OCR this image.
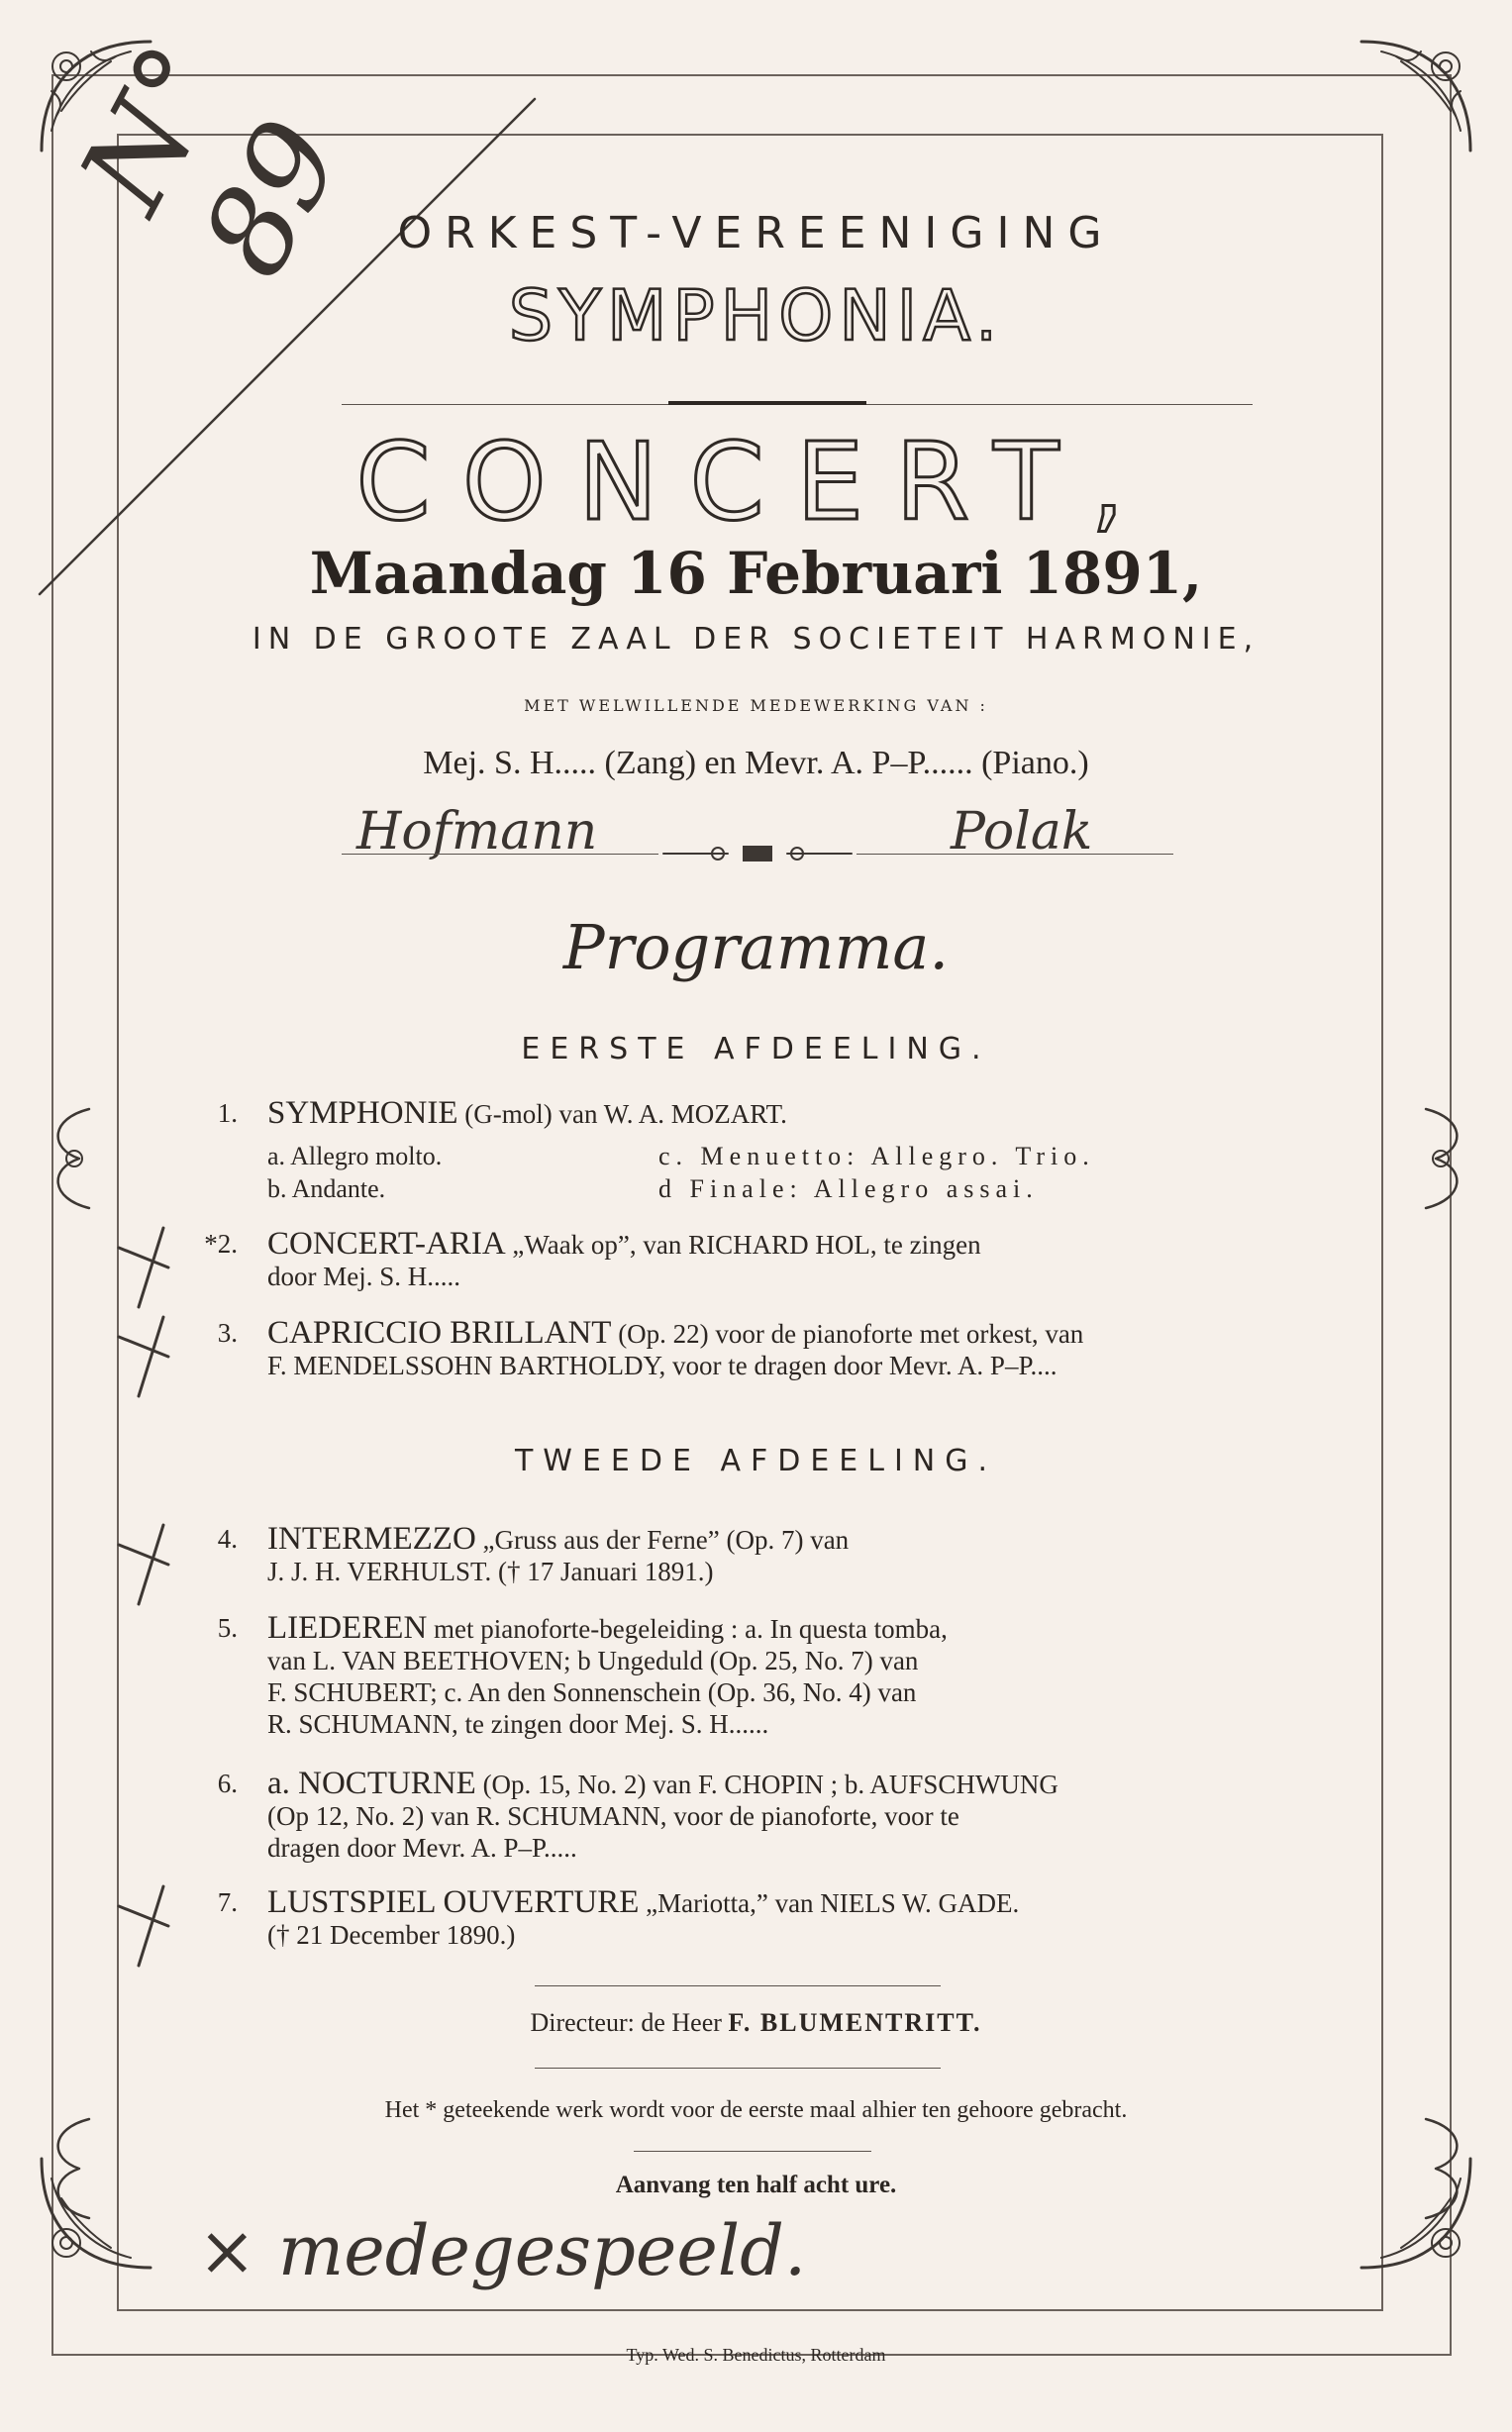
N° 89 ORKEST-VEREENIGING
SYMPHONIA.
CONCERT,
Maandag 16 Februari 1891,
IN DE GROOTE ZAAL DER SOCIETEIT HARMONIE,
MET WELWILLENDE MEDEWERKING VAN :
Mej. S. H..... (Zang) en Mevr. A. P–P...... (Piano.)
Hofmann	Polak
Programma.
EERSTE AFDEELING.
1. SYMPHONIE (G-mol) van W. A. MOZART.
a. Allegro molto.
b. Andante.
c. Menuetto: Allegro. Trio.
d Finale: Allegro assai.
*2. CONCERT-ARIA „Waak op”, van RICHARD HOL, te zingen
door Mej. S. H.....
3. CAPRICCIO BRILLANT (Op. 22) voor de pianoforte met orkest, van
F. MENDELSSOHN BARTHOLDY, voor te dragen door Mevr. A. P–P....
TWEEDE AFDEELING.
4. INTERMEZZO „Gruss aus der Ferne” (Op. 7) van
J. J. H. VERHULST. († 17 Januari 1891.)
5. LIEDEREN met pianoforte-begeleiding : a. In questa tomba,
van L. VAN BEETHOVEN; b Ungeduld (Op. 25, No. 7) van
F. SCHUBERT; c. An den Sonnenschein (Op. 36, No. 4) van
R. SCHUMANN, te zingen door Mej. S. H......
6. a. NOCTURNE (Op. 15, No. 2) van F. CHOPIN ; b. AUFSCHWUNG
(Op 12, No. 2) van R. SCHUMANN, voor de pianoforte, voor te
dragen door Mevr. A. P–P.....
7. LUSTSPIEL OUVERTURE „Mariotta,” van NIELS W. GADE.
(† 21 December 1890.)
Directeur: de Heer F. BLUMENTRITT.
Het * geteekende werk wordt voor de eerste maal alhier ten gehoore gebracht.
Aanvang ten half acht ure.
× medegespeeld.
Typ. Wed. S. Benedictus, Rotterdam
